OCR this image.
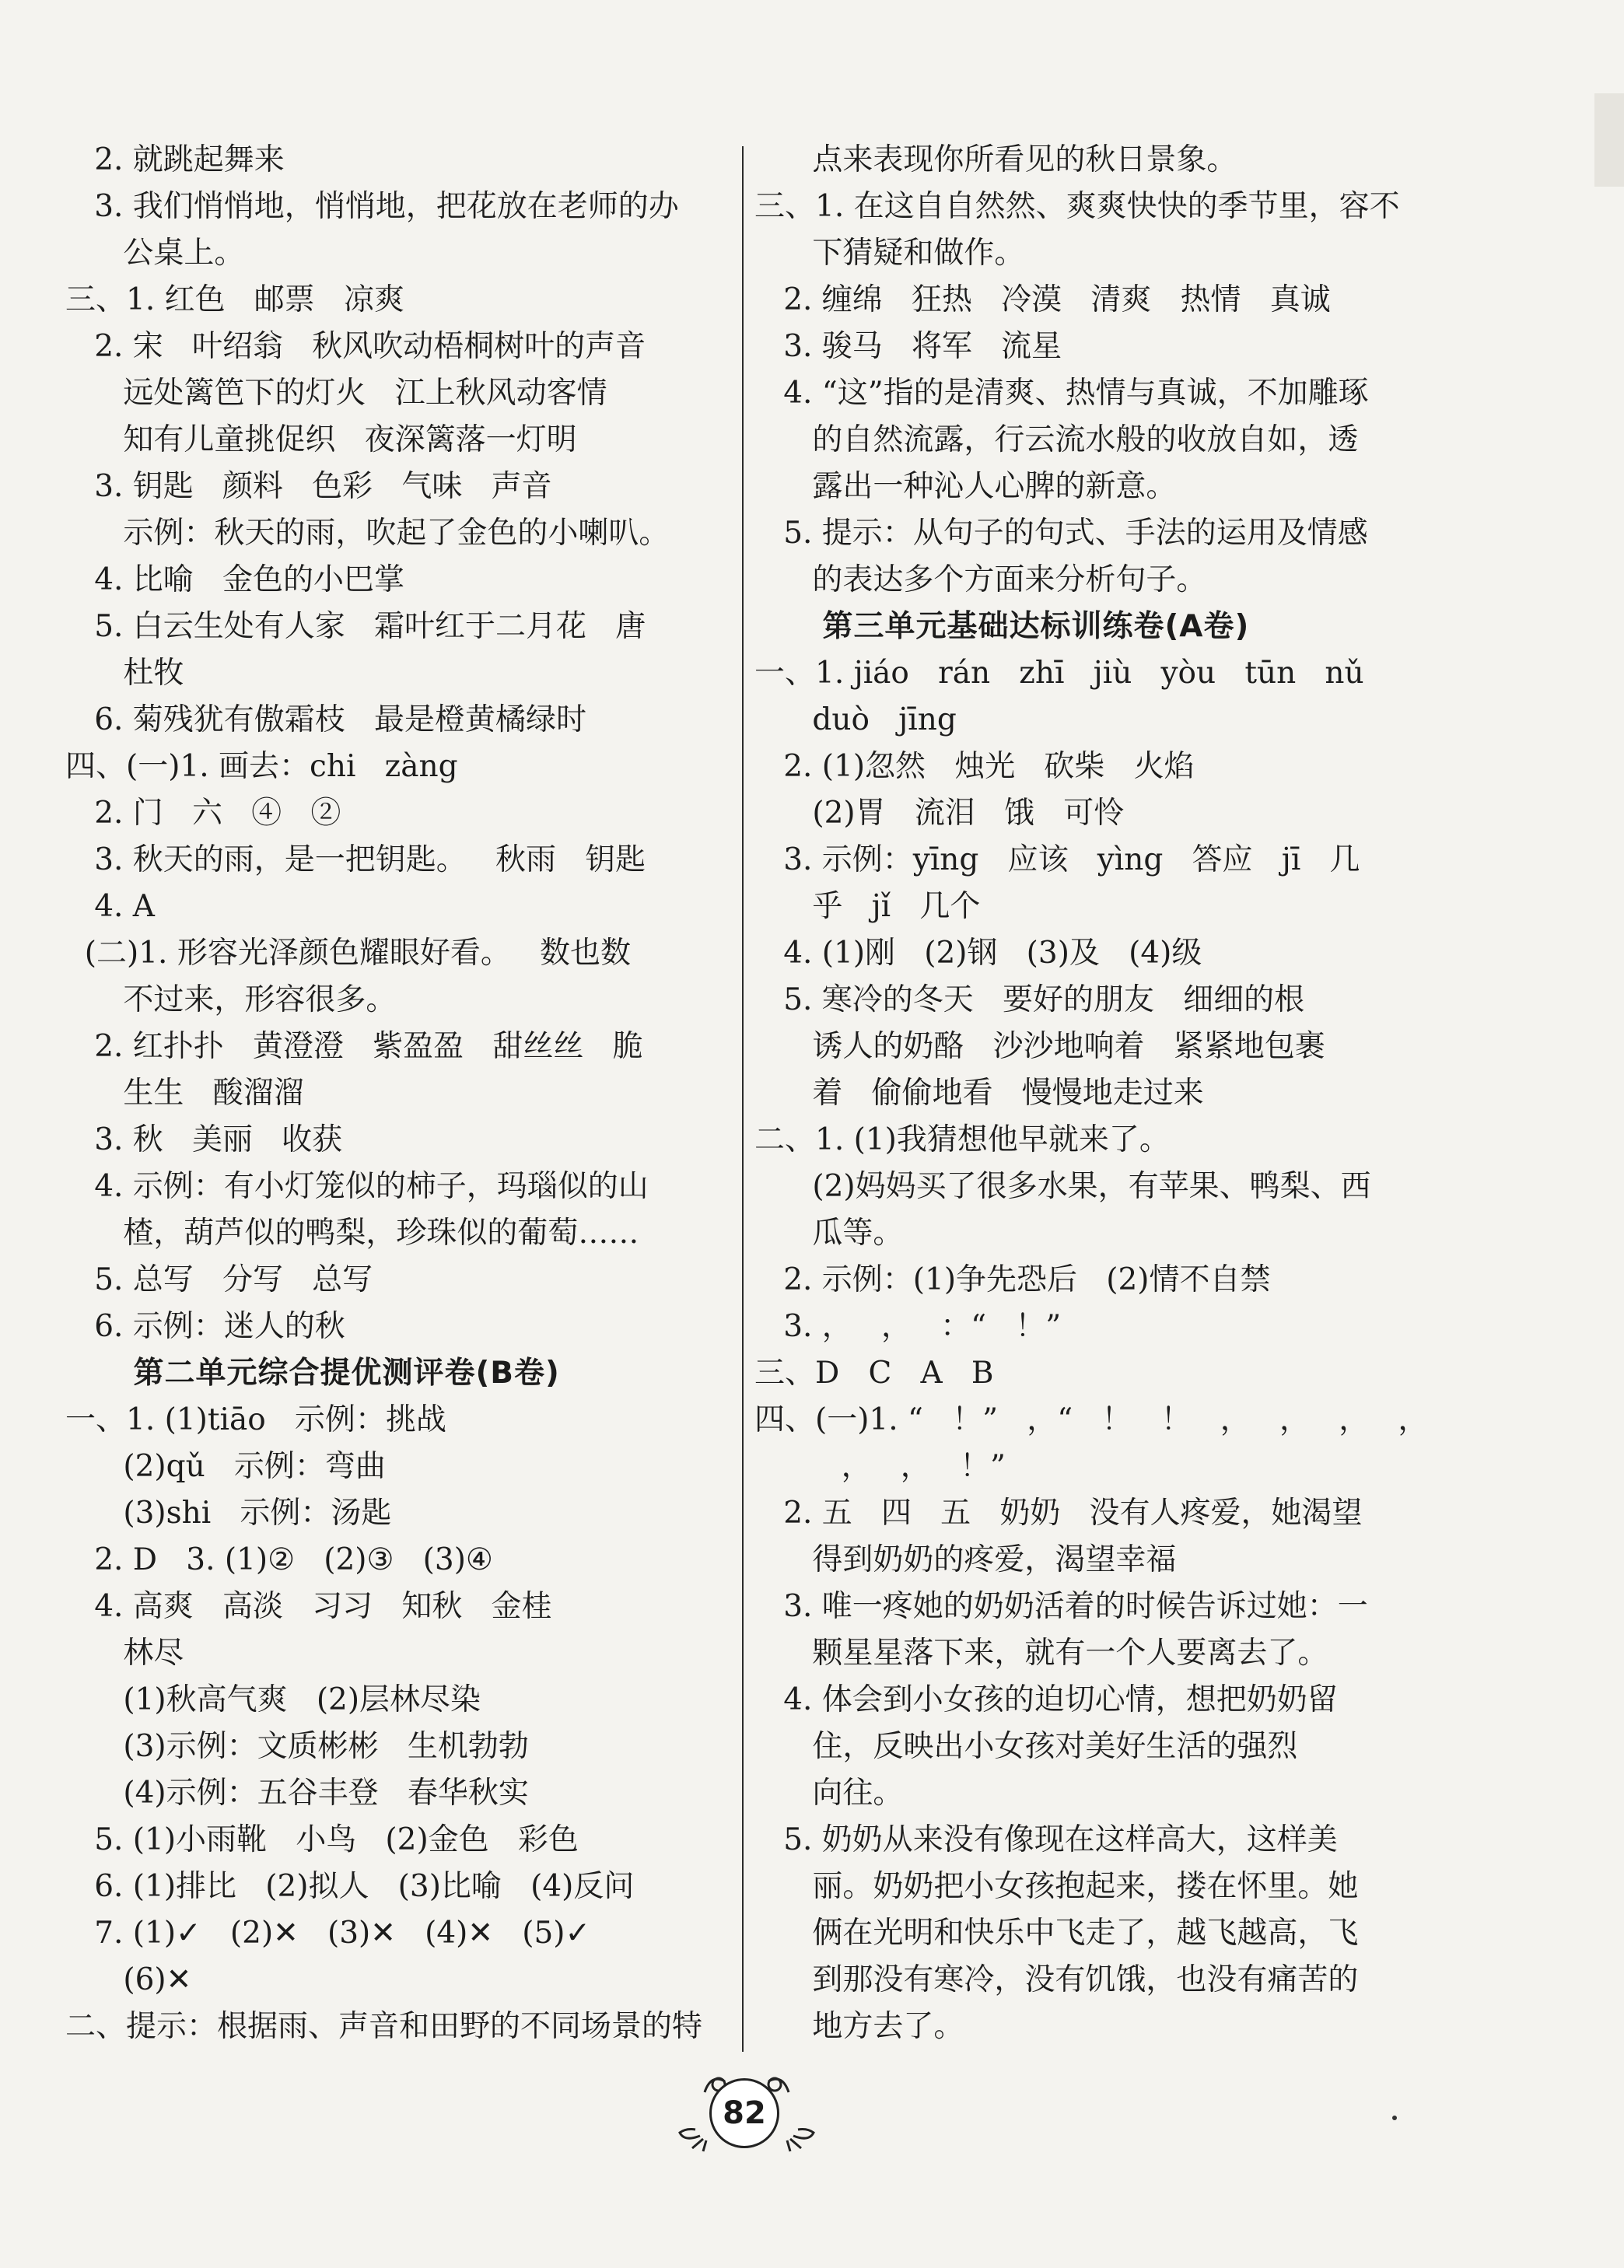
2. 就跳起舞来
3. 我们悄悄地，悄悄地，把花放在老师的办
公桌上。
三、1. 红色   邮票   凉爽
2. 宋   叶绍翁   秋风吹动梧桐树叶的声音
远处篱笆下的灯火   江上秋风动客情
知有儿童挑促织   夜深篱落一灯明
3. 钥匙   颜料   色彩   气味   声音
示例：秋天的雨，吹起了金色的小喇叭。
4. 比喻   金色的小巴掌
5. 白云生处有人家   霜叶红于二月花   唐
杜牧
6. 菊残犹有傲霜枝   最是橙黄橘绿时
四、(一)1. 画去：chi   zàng
2. 门   六   ④   ②
3. 秋天的雨，是一把钥匙。   秋雨   钥匙
4. A
(二)1. 形容光泽颜色耀眼好看。   数也数
不过来，形容很多。
2. 红扑扑   黄澄澄   紫盈盈   甜丝丝   脆
生生   酸溜溜
3. 秋   美丽   收获
4. 示例：有小灯笼似的柿子，玛瑙似的山
楂，葫芦似的鸭梨，珍珠似的葡萄……
5. 总写   分写   总写
6. 示例：迷人的秋
第二单元综合提优测评卷(B卷)
一、1. (1)tiāo   示例：挑战
(2)qǔ   示例：弯曲
(3)shi   示例：汤匙
2. D   3. (1)②   (2)③   (3)④
4. 高爽   高淡   习习   知秋   金桂
林尽
(1)秋高气爽   (2)层林尽染
(3)示例：文质彬彬   生机勃勃
(4)示例：五谷丰登   春华秋实
5. (1)小雨靴   小鸟   (2)金色   彩色
6. (1)排比   (2)拟人   (3)比喻   (4)反问
7. (1)✓   (2)✕   (3)✕   (4)✕   (5)✓
(6)✕
二、提示：根据雨、声音和田野的不同场景的特
点来表现你所看见的秋日景象。
三、1. 在这自自然然、爽爽快快的季节里，容不
下猜疑和做作。
2. 缠绵   狂热   冷漠   清爽   热情   真诚
3. 骏马   将军   流星
4. “这”指的是清爽、热情与真诚，不加雕琢
的自然流露，行云流水般的收放自如，透
露出一种沁人心脾的新意。
5. 提示：从句子的句式、手法的运用及情感
的表达多个方面来分析句子。
第三单元基础达标训练卷(A卷)
一、1. jiáo   rán   zhī   jiù   yòu   tūn   nǔ
duò   jīng
2. (1)忽然   烛光   砍柴   火焰
(2)胃   流泪   饿   可怜
3. 示例：yīng   应该   yìng   答应   jī   几
乎   jǐ   几个
4. (1)刚   (2)钢   (3)及   (4)级
5. 寒冷的冬天   要好的朋友   细细的根
诱人的奶酪   沙沙地响着   紧紧地包裹
着   偷偷地看   慢慢地走过来
二、1. (1)我猜想他早就来了。
(2)妈妈买了很多水果，有苹果、鸭梨、西
瓜等。
2. 示例：(1)争先恐后   (2)情不自禁
3. ，   ，   ：“   ！”
三、D   C   A   B
四、(一)1. “   ！”   ，“   ！   ！   ，   ，   ，   ，
，   ，   ！”
2. 五   四   五   奶奶   没有人疼爱，她渴望
得到奶奶的疼爱，渴望幸福
3. 唯一疼她的奶奶活着的时候告诉过她：一
颗星星落下来，就有一个人要离去了。
4. 体会到小女孩的迫切心情，想把奶奶留
住，反映出小女孩对美好生活的强烈
向往。
5. 奶奶从来没有像现在这样高大，这样美
丽。奶奶把小女孩抱起来，搂在怀里。她
俩在光明和快乐中飞走了，越飞越高，飞
到那没有寒冷，没有饥饿，也没有痛苦的
地方去了。
82
